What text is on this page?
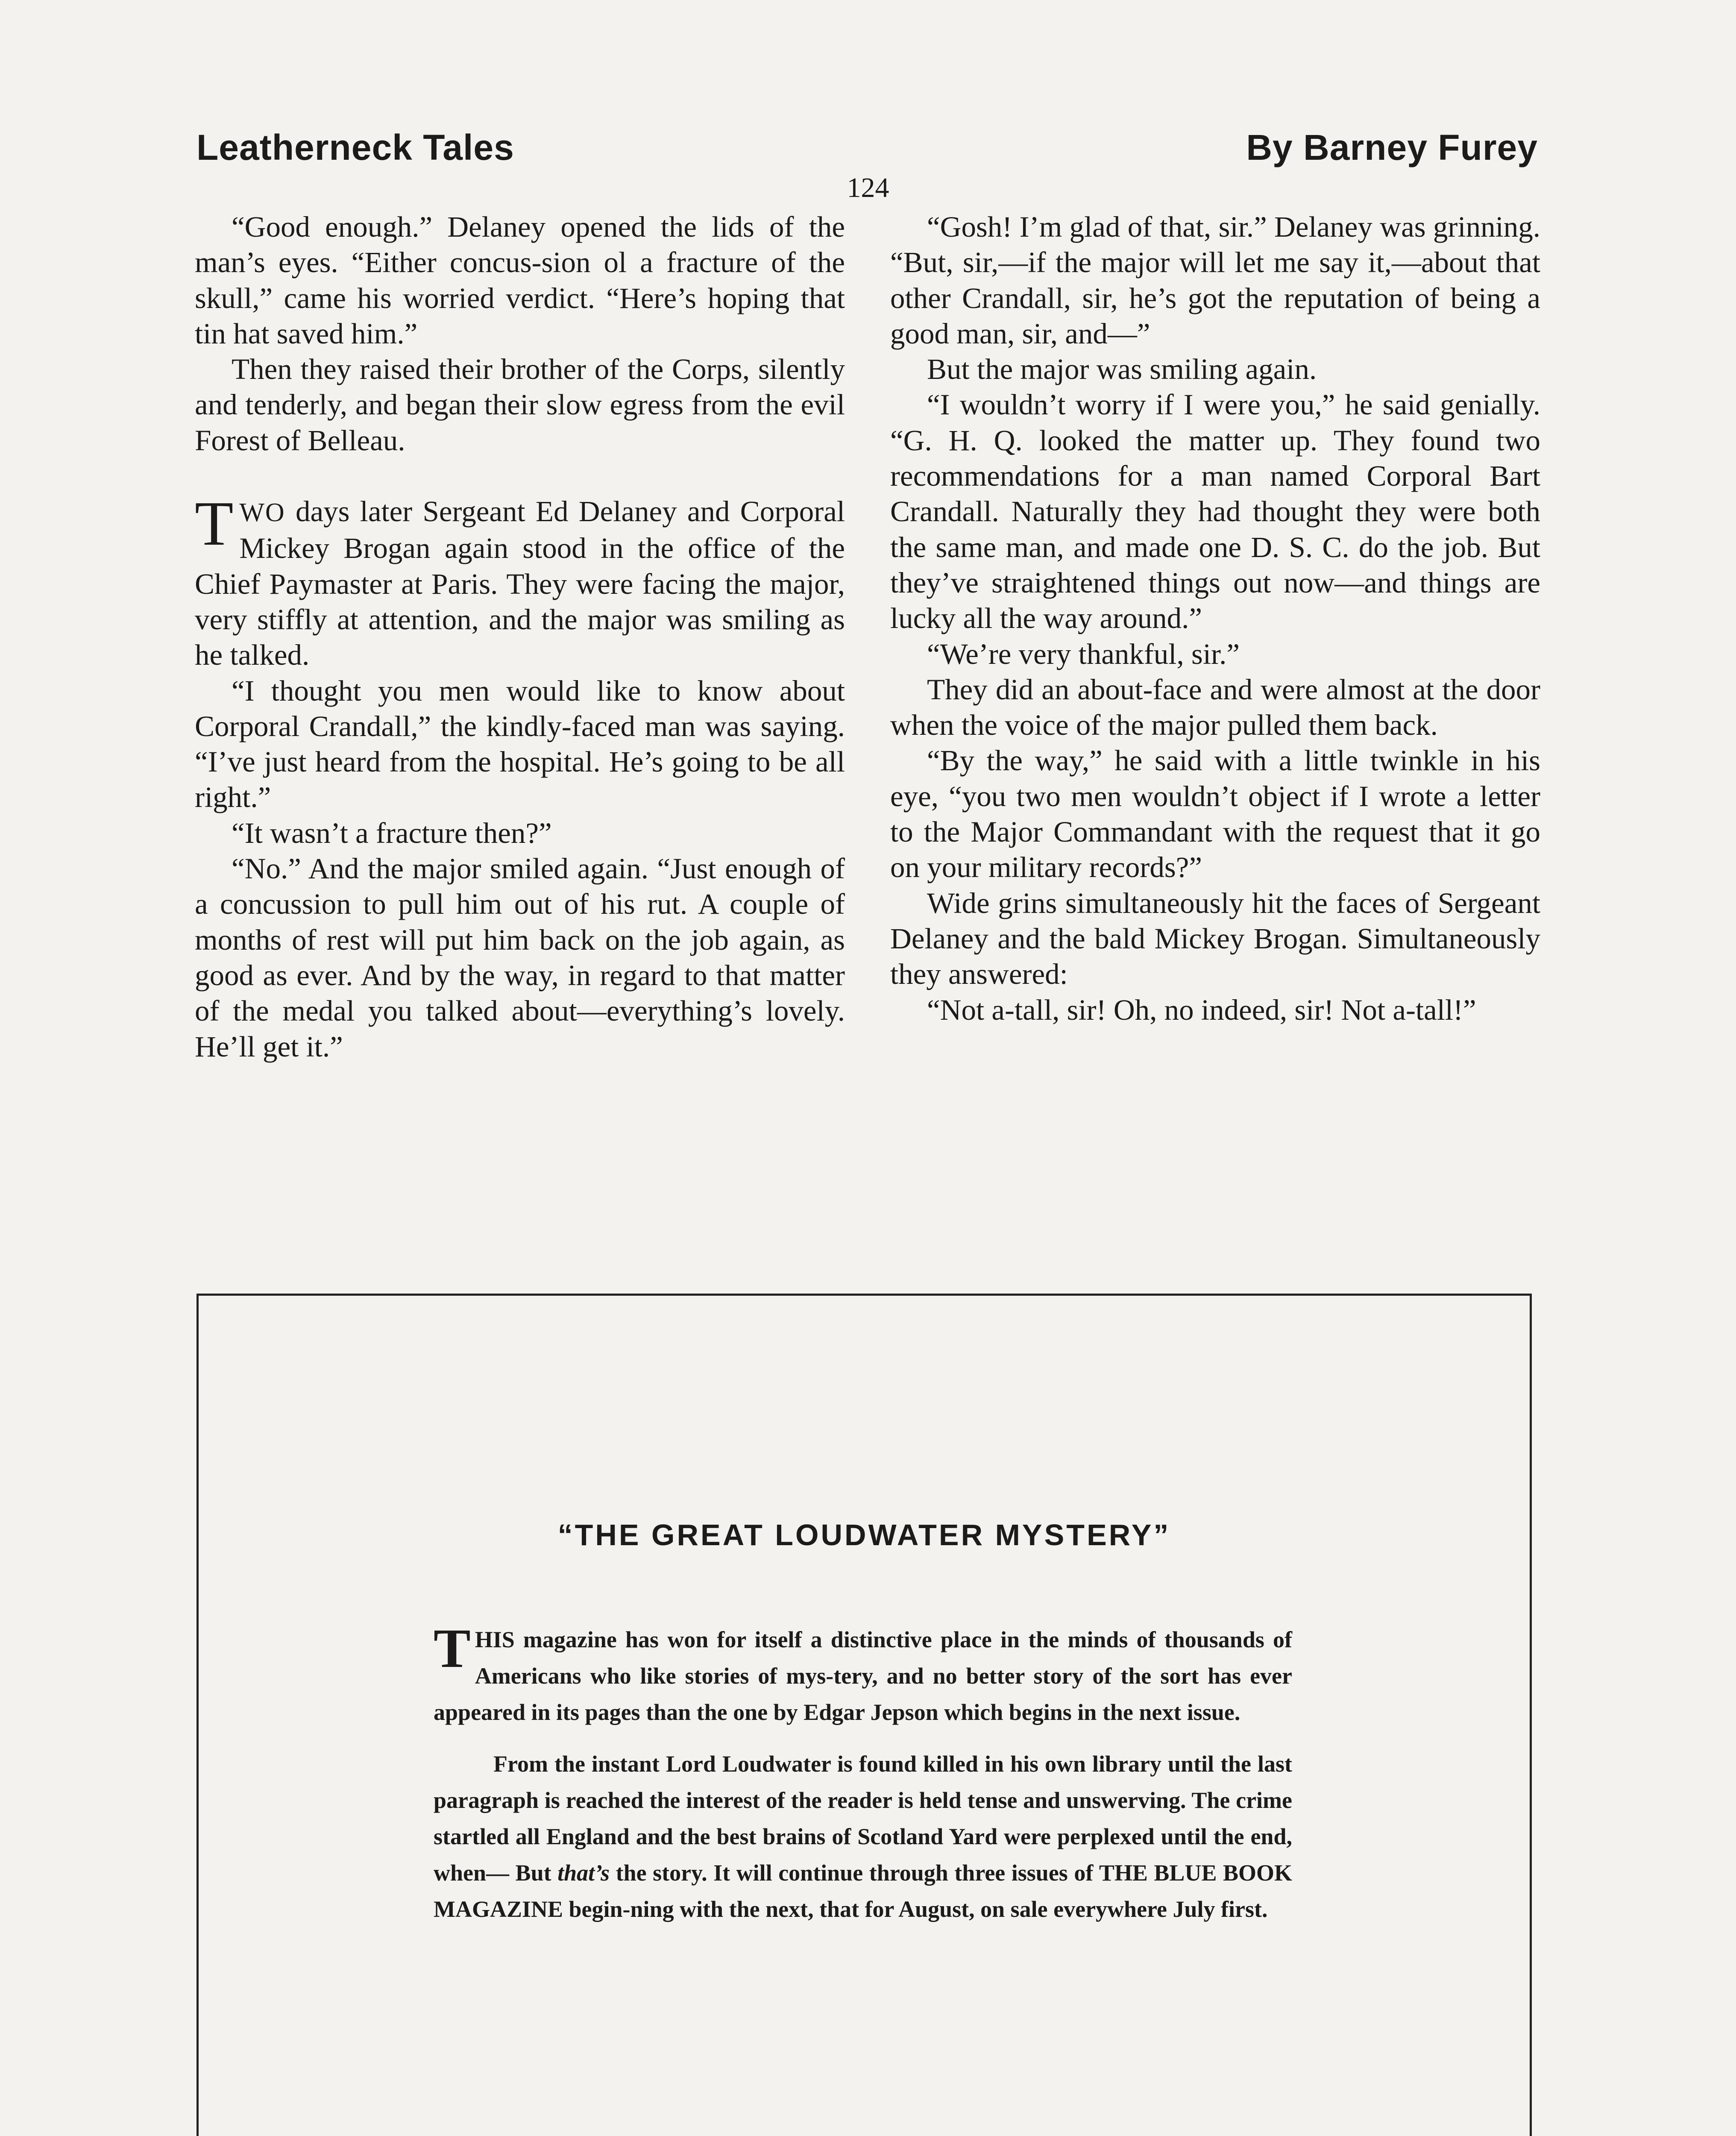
Leatherneck Tales	By Barney Furey
124

“Good enough.” Delaney opened the lids of the man’s eyes. “Either concus-sion ol a fracture of the skull,” came his worried verdict. “Here’s hoping that tin hat saved him.”

Then they raised their brother of the Corps, silently and tenderly, and began their slow egress from the evil Forest of Belleau.

TWO days later Sergeant Ed Delaney and Corporal Mickey Brogan again stood in the office of the Chief Paymaster at Paris. They were facing the major, very stiffly at attention, and the major was smiling as he talked.

“I thought you men would like to know about Corporal Crandall,” the kindly-faced man was saying. “I’ve just heard from the hospital. He’s going to be all right.”

“It wasn’t a fracture then?”

“No.” And the major smiled again. “Just enough of a concussion to pull him out of his rut. A couple of months of rest will put him back on the job again, as good as ever. And by the way, in regard to that matter of the medal you talked about—everything’s lovely. He’ll get it.”

“Gosh! I’m glad of that, sir.” Delaney was grinning. “But, sir,—if the major will let me say it,—about that other Crandall, sir, he’s got the reputation of being a good man, sir, and—”

But the major was smiling again.

“I wouldn’t worry if I were you,” he said genially. “G. H. Q. looked the matter up. They found two recommendations for a man named Corporal Bart Crandall. Naturally they had thought they were both the same man, and made one D. S. C. do the job. But they’ve straightened things out now—and things are lucky all the way around.”

“We’re very thankful, sir.”

They did an about-face and were almost at the door when the voice of the major pulled them back.

“By the way,” he said with a little twinkle in his eye, “you two men wouldn’t object if I wrote a letter to the Major Commandant with the request that it go on your military records?”

Wide grins simultaneously hit the faces of Sergeant Delaney and the bald Mickey Brogan. Simultaneously they answered:

“Not a-tall, sir! Oh, no indeed, sir! Not a-tall!”

“THE GREAT LOUDWATER MYSTERY”

THIS magazine has won for itself a distinctive place in the minds of thousands of Americans who like stories of mys-tery, and no better story of the sort has ever appeared in its pages than the one by Edgar Jepson which begins in the next issue.

From the instant Lord Loudwater is found killed in his own library until the last paragraph is reached the interest of the reader is held tense and unswerving. The crime startled all England and the best brains of Scotland Yard were perplexed until the end, when— But that’s the story. It will continue through three issues of THE BLUE BOOK MAGAZINE begin-ning with the next, that for August, on sale everywhere July first.
